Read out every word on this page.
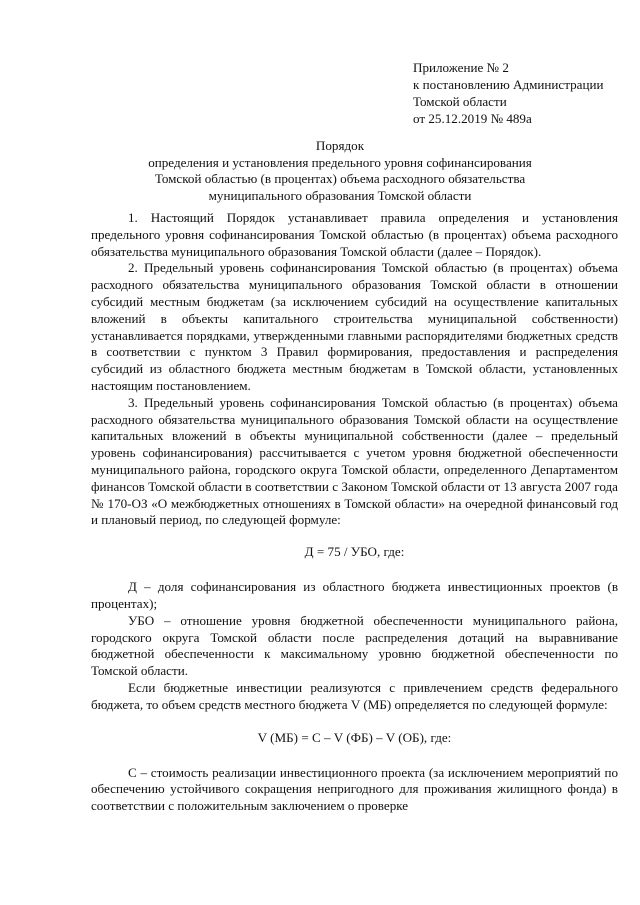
Приложение № 2
к постановлению Администрации
Томской области
от 25.12.2019 № 489а
Порядок
определения и установления предельного уровня софинансирования
Томской областью (в процентах) объема расходного обязательства
муниципального образования Томской области

1. Настоящий Порядок устанавливает правила определения и установления предельного уровня софинансирования Томской областью (в процентах) объема расходного обязательства муниципального образования Томской области (далее – Порядок).

2. Предельный уровень софинансирования Томской областью (в процентах) объема расходного обязательства муниципального образования Томской области в отношении субсидий местным бюджетам (за исключением субсидий на осуществление капитальных вложений в объекты капитального строительства муниципальной собственности) устанавливается порядками, утвержденными главными распорядителями бюджетных средств в соответствии с пунктом 3 Правил формирования, предоставления и распределения субсидий из областного бюджета местным бюджетам в Томской области, установленных настоящим постановлением.

3. Предельный уровень софинансирования Томской областью (в процентах) объема расходного обязательства муниципального образования Томской области на осуществление капитальных вложений в объекты муниципальной собственности (далее – предельный уровень софинансирования) рассчитывается с учетом уровня бюджетной обеспеченности муниципального района, городского округа Томской области, определенного Департаментом финансов Томской области в соответствии с Законом Томской области от 13 августа 2007 года № 170-ОЗ «О межбюджетных отношениях в Томской области» на очередной финансовый год и плановый период, по следующей формуле:

Д = 75 / УБО, где:

Д – доля софинансирования из областного бюджета инвестиционных проектов (в процентах);

УБО – отношение уровня бюджетной обеспеченности муниципального района, городского округа Томской области после распределения дотаций на выравнивание бюджетной обеспеченности к максимальному уровню бюджетной обеспеченности по Томской области.

Если бюджетные инвестиции реализуются с привлечением средств федерального бюджета, то объем средств местного бюджета V (МБ) определяется по следующей формуле:

V (МБ) = С – V (ФБ) – V (ОБ), где:

С – стоимость реализации инвестиционного проекта (за исключением мероприятий по обеспечению устойчивого сокращения непригодного для проживания жилищного фонда) в соответствии с положительным заключением о проверке
